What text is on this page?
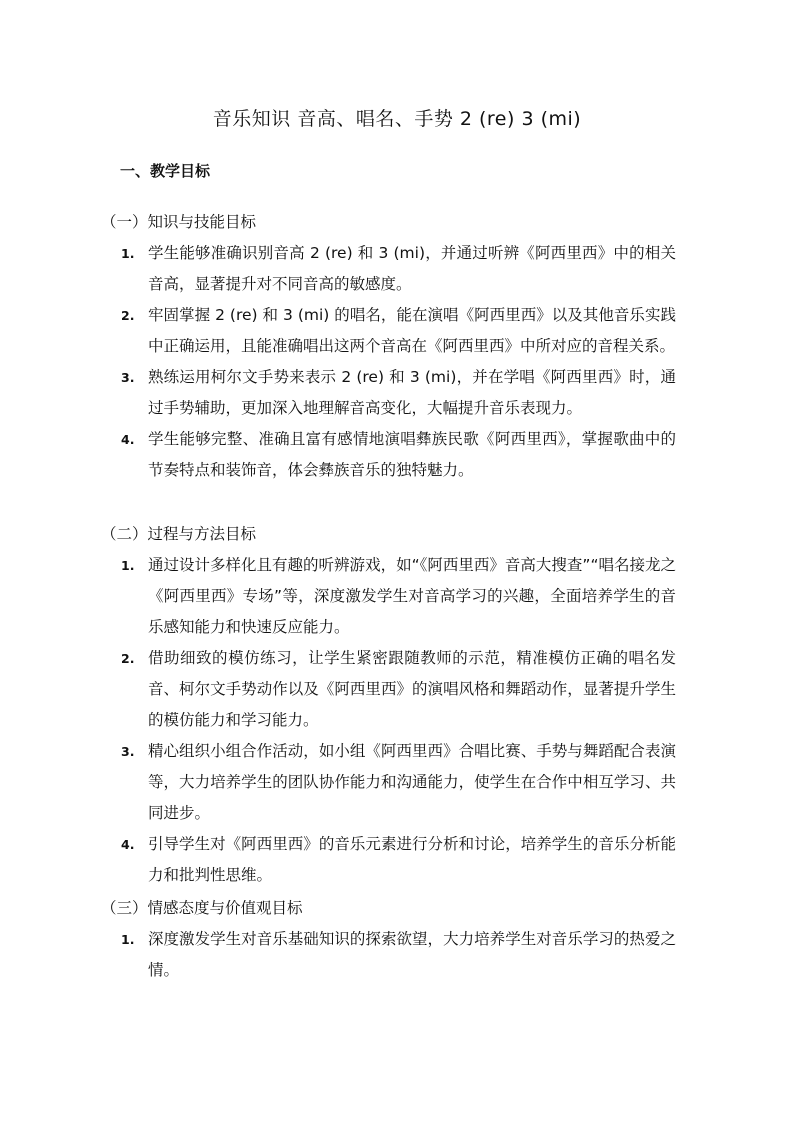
音乐知识 音高、唱名、手势 2 (re) 3 (mi)
一、教学目标
（一）知识与技能目标
1. 学生能够准确识别音高 2 (re) 和 3 (mi)，并通过听辨《阿西里西》中的相关音高，显著提升对不同音高的敏感度。
2. 牢固掌握 2 (re) 和 3 (mi) 的唱名，能在演唱《阿西里西》以及其他音乐实践中正确运用，且能准确唱出这两个音高在《阿西里西》中所对应的音程关系。
3. 熟练运用柯尔文手势来表示 2 (re) 和 3 (mi)，并在学唱《阿西里西》时，通过手势辅助，更加深入地理解音高变化，大幅提升音乐表现力。
4. 学生能够完整、准确且富有感情地演唱彝族民歌《阿西里西》，掌握歌曲中的节奏特点和装饰音，体会彝族音乐的独特魅力。
（二）过程与方法目标
1. 通过设计多样化且有趣的听辨游戏，如“《阿西里西》音高大搜查”“唱名接龙之《阿西里西》专场”等，深度激发学生对音高学习的兴趣，全面培养学生的音乐感知能力和快速反应能力。
2. 借助细致的模仿练习，让学生紧密跟随教师的示范，精准模仿正确的唱名发音、柯尔文手势动作以及《阿西里西》的演唱风格和舞蹈动作，显著提升学生的模仿能力和学习能力。
3. 精心组织小组合作活动，如小组《阿西里西》合唱比赛、手势与舞蹈配合表演等，大力培养学生的团队协作能力和沟通能力，使学生在合作中相互学习、共同进步。
4. 引导学生对《阿西里西》的音乐元素进行分析和讨论，培养学生的音乐分析能力和批判性思维。
（三）情感态度与价值观目标
1. 深度激发学生对音乐基础知识的探索欲望，大力培养学生对音乐学习的热爱之情。
